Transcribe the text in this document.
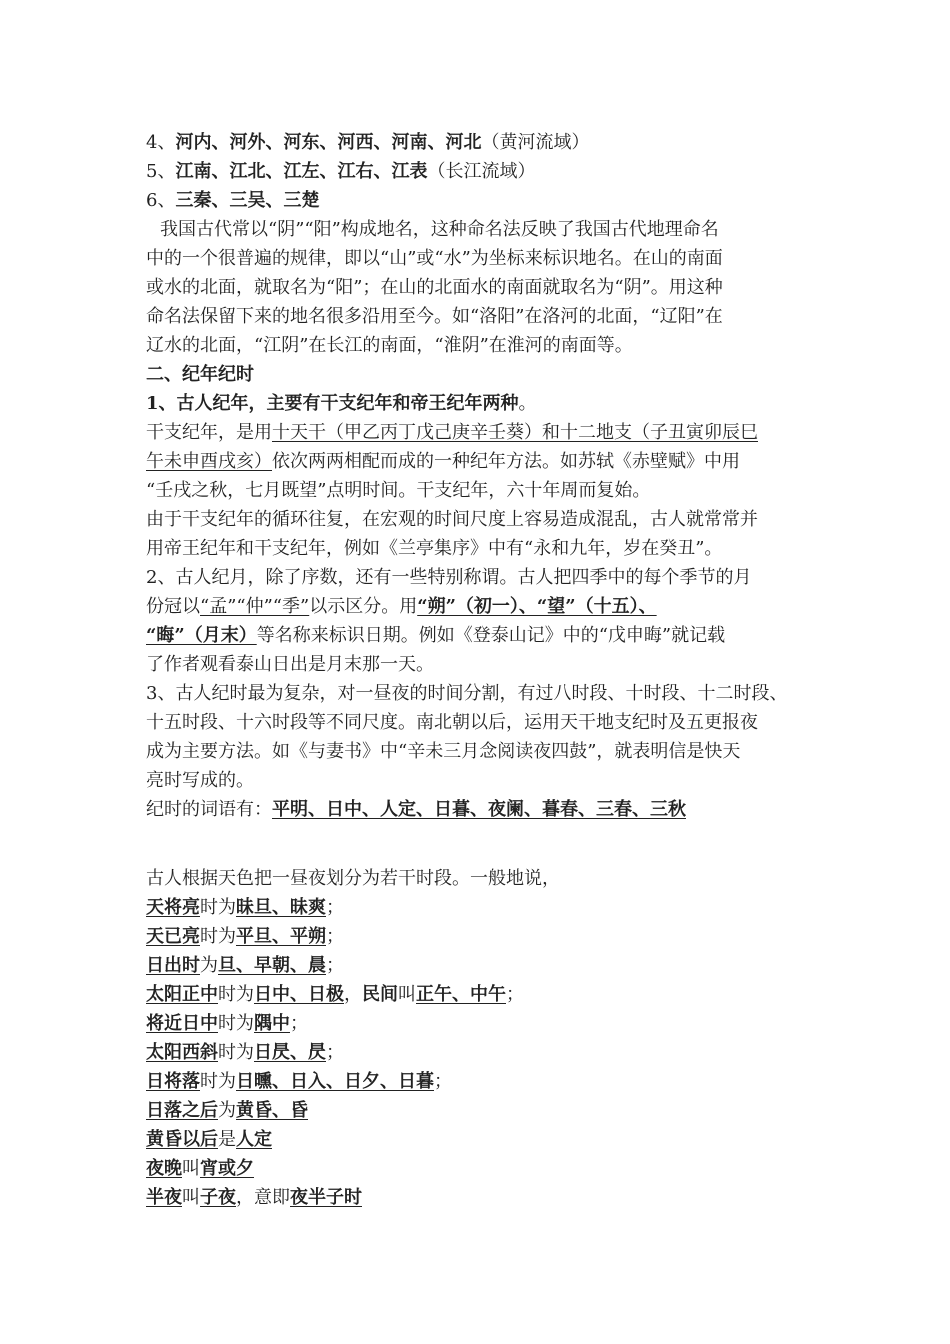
4、河内、河外、河东、河西、河南、河北（黄河流域）
5、江南、江北、江左、江右、江表（长江流域）
6、三秦、三吴、三楚
我国古代常以“阴”“阳”构成地名，这种命名法反映了我国古代地理命名
中的一个很普遍的规律，即以“山”或“水”为坐标来标识地名。在山的南面
或水的北面，就取名为“阳”；在山的北面水的南面就取名为“阴”。用这种
命名法保留下来的地名很多沿用至今。如“洛阳”在洛河的北面，“辽阳”在
辽水的北面，“江阴”在长江的南面，“淮阴”在淮河的南面等。
二、纪年纪时
1、古人纪年，主要有干支纪年和帝王纪年两种。
干支纪年，是用十天干（甲乙丙丁戊己庚辛壬葵）和十二地支（子丑寅卯辰巳
午未申酉戌亥）依次两两相配而成的一种纪年方法。如苏轼《赤壁赋》中用
“壬戌之秋，七月既望”点明时间。干支纪年，六十年周而复始。
由于干支纪年的循环往复，在宏观的时间尺度上容易造成混乱，古人就常常并
用帝王纪年和干支纪年，例如《兰亭集序》中有“永和九年，岁在癸丑”。
2、古人纪月，除了序数，还有一些特别称谓。古人把四季中的每个季节的月
份冠以“孟”“仲”“季”以示区分。用“朔”（初一）、“望”（十五）、
“晦”（月末）等名称来标识日期。例如《登泰山记》中的“戊申晦”就记载
了作者观看泰山日出是月末那一天。
3、古人纪时最为复杂，对一昼夜的时间分割，有过八时段、十时段、十二时段、
十五时段、十六时段等不同尺度。南北朝以后，运用天干地支纪时及五更报夜
成为主要方法。如《与妻书》中“辛未三月念阅读夜四鼓”，就表明信是快天
亮时写成的。
纪时的词语有：平明、日中、人定、日暮、夜阑、暮春、三春、三秋
古人根据天色把一昼夜划分为若干时段。一般地说，
天将亮时为昧旦、昧爽；
天已亮时为平旦、平朔；
日出时为旦、早朝、晨；
太阳正中时为日中、日极，民间叫正午、中午；
将近日中时为隅中；
太阳西斜时为日昃、昃；
日将落时为日曛、日入、日夕、日暮；
日落之后为黄昏、昏
黄昏以后是人定
夜晚叫宵或夕
半夜叫子夜，意即夜半子时
